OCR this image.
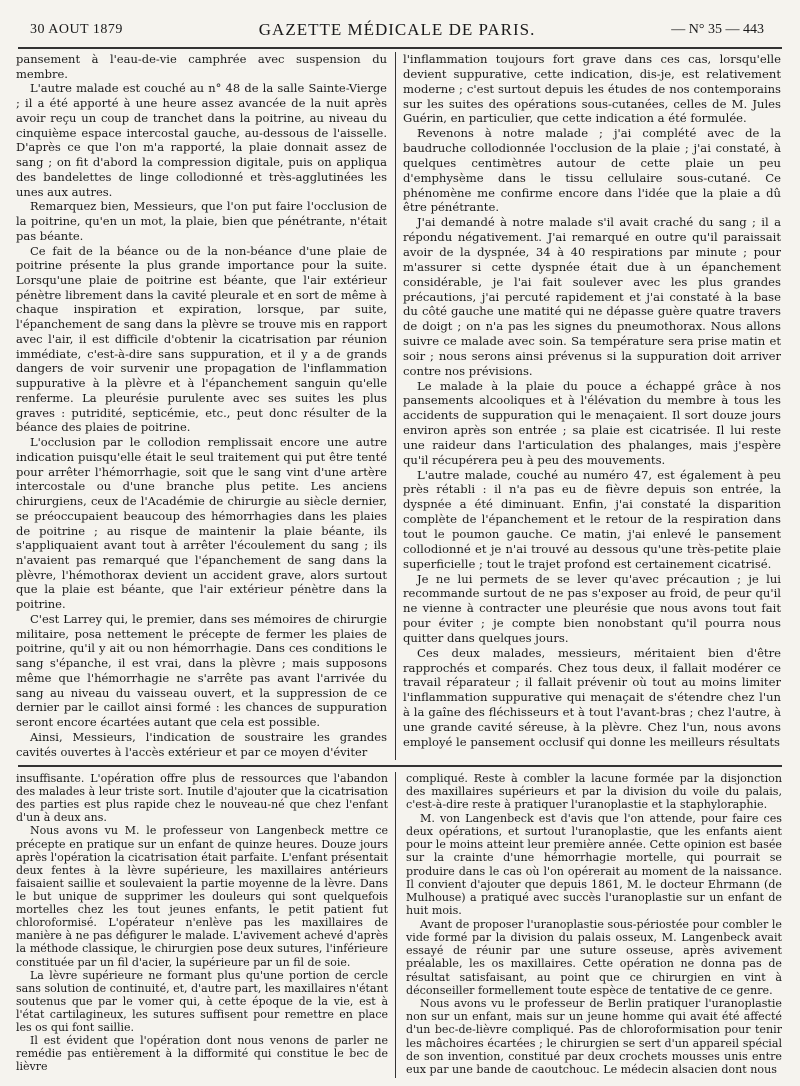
30 AOUT 1879	GAZETTE MÉDICALE DE PARIS.	— N° 35 — 443

pansement à l'eau-de-vie camphrée avec suspension du membre.

L'autre malade est couché au n° 48 de la salle Sainte-Vierge ; il a été apporté à une heure assez avancée de la nuit après avoir reçu un coup de tranchet dans la poitrine, au niveau du cinquième espace intercostal gauche, au-dessous de l'aisselle. D'après ce que l'on m'a rapporté, la plaie donnait assez de sang ; on fit d'abord la compression digitale, puis on appliqua des bandelettes de linge collodionné et très-agglutinées les unes aux autres.

Remarquez bien, Messieurs, que l'on put faire l'occlusion de la poitrine, qu'en un mot, la plaie, bien que pénétrante, n'était pas béante.

Ce fait de la béance ou de la non-béance d'une plaie de poitrine présente la plus grande importance pour la suite. Lorsqu'une plaie de poitrine est béante, que l'air extérieur pénètre librement dans la cavité pleurale et en sort de même à chaque inspiration et expiration, lorsque, par suite, l'épanchement de sang dans la plèvre se trouve mis en rapport avec l'air, il est difficile d'obtenir la cicatrisation par réunion immédiate, c'est-à-dire sans suppuration, et il y a de grands dangers de voir survenir une propagation de l'inflammation suppurative à la plèvre et à l'épanchement sanguin qu'elle renferme. La pleurésie purulente avec ses suites les plus graves : putridité, septicémie, etc., peut donc résulter de la béance des plaies de poitrine.

L'occlusion par le collodion remplissait encore une autre indication puisqu'elle était le seul traitement qui put être tenté pour arrêter l'hémorrhagie, soit que le sang vint d'une artère intercostale ou d'une branche plus petite. Les anciens chirurgiens, ceux de l'Académie de chirurgie au siècle dernier, se préoccupaient beaucoup des hémorrhagies dans les plaies de poitrine ; au risque de maintenir la plaie béante, ils s'appliquaient avant tout à arrêter l'écoulement du sang ; ils n'avaient pas remarqué que l'épanchement de sang dans la plèvre, l'hémothorax devient un accident grave, alors surtout que la plaie est béante, que l'air extérieur pénètre dans la poitrine.

C'est Larrey qui, le premier, dans ses mémoires de chirurgie militaire, posa nettement le précepte de fermer les plaies de poitrine, qu'il y ait ou non hémorrhagie. Dans ces conditions le sang s'épanche, il est vrai, dans la plèvre ; mais supposons même que l'hémorrhagie ne s'arrête pas avant l'arrivée du sang au niveau du vaisseau ouvert, et la suppression de ce dernier par le caillot ainsi formé : les chances de suppuration seront encore écartées autant que cela est possible.

Ainsi, Messieurs, l'indication de soustraire les grandes cavités ouvertes à l'accès extérieur et par ce moyen d'éviter

l'inflammation toujours fort grave dans ces cas, lorsqu'elle devient suppurative, cette indication, dis-je, est relativement moderne ; c'est surtout depuis les études de nos contemporains sur les suites des opérations sous-cutanées, celles de M. Jules Guérin, en particulier, que cette indication a été formulée.

Revenons à notre malade ; j'ai complété avec de la baudruche collodionnée l'occlusion de la plaie ; j'ai constaté, à quelques centimètres autour de cette plaie un peu d'emphysème dans le tissu cellulaire sous-cutané. Ce phénomène me confirme encore dans l'idée que la plaie a dû être pénétrante.

J'ai demandé à notre malade s'il avait craché du sang ; il a répondu négativement. J'ai remarqué en outre qu'il paraissait avoir de la dyspnée, 34 à 40 respirations par minute ; pour m'assurer si cette dyspnée était due à un épanchement considérable, je l'ai fait soulever avec les plus grandes précautions, j'ai percuté rapidement et j'ai constaté à la base du côté gauche une matité qui ne dépasse guère quatre travers de doigt ; on n'a pas les signes du pneumothorax. Nous allons suivre ce malade avec soin. Sa température sera prise matin et soir ; nous serons ainsi prévenus si la suppuration doit arriver contre nos prévisions.

Le malade à la plaie du pouce a échappé grâce à nos pansements alcooliques et à l'élévation du membre à tous les accidents de suppuration qui le menaçaient. Il sort douze jours environ après son entrée ; sa plaie est cicatrisée. Il lui reste une raideur dans l'articulation des phalanges, mais j'espère qu'il récupérera peu à peu des mouvements.

L'autre malade, couché au numéro 47, est également à peu près rétabli : il n'a pas eu de fièvre depuis son entrée, la dyspnée a été diminuant. Enfin, j'ai constaté la disparition complète de l'épanchement et le retour de la respiration dans tout le poumon gauche. Ce matin, j'ai enlevé le pansement collodionné et je n'ai trouvé au dessous qu'une très-petite plaie superficielle ; tout le trajet profond est certainement cicatrisé.

Je ne lui permets de se lever qu'avec précaution ; je lui recommande surtout de ne pas s'exposer au froid, de peur qu'il ne vienne à contracter une pleurésie que nous avons tout fait pour éviter ; je compte bien nonobstant qu'il pourra nous quitter dans quelques jours.

Ces deux malades, messieurs, méritaient bien d'être rapprochés et comparés. Chez tous deux, il fallait modérer ce travail réparateur ; il fallait prévenir où tout au moins limiter l'inflammation suppurative qui menaçait de s'étendre chez l'un à la gaîne des fléchisseurs et à tout l'avant-bras ; chez l'autre, à une grande cavité séreuse, à la plèvre. Chez l'un, nous avons employé le pansement occlusif qui donne les meilleurs résultats

insuffisante. L'opération offre plus de ressources que l'abandon des malades à leur triste sort. Inutile d'ajouter que la cicatrisation des parties est plus rapide chez le nouveau-né que chez l'enfant d'un à deux ans.

Nous avons vu M. le professeur von Langenbeck mettre ce précepte en pratique sur un enfant de quinze heures. Douze jours après l'opération la cicatrisation était parfaite. L'enfant présentait deux fentes à la lèvre supérieure, les maxillaires antérieurs faisaient saillie et soulevaient la partie moyenne de la lèvre. Dans le but unique de supprimer les douleurs qui sont quelquefois mortelles chez les tout jeunes enfants, le petit patient fut chloroformisé. L'opérateur n'enlève pas les maxillaires de manière à ne pas défigurer le malade. L'avivement achevé d'après la méthode classique, le chirurgien pose deux sutures, l'inférieure constituée par un fil d'acier, la supérieure par un fil de soie.

La lèvre supérieure ne formant plus qu'une portion de cercle sans solution de continuité, et, d'autre part, les maxillaires n'étant soutenus que par le vomer qui, à cette époque de la vie, est à l'état cartilagineux, les sutures suffisent pour remettre en place les os qui font saillie.

Il est évident que l'opération dont nous venons de parler ne remédie pas entièrement à la difformité qui constitue le bec de lièvre

compliqué. Reste à combler la lacune formée par la disjonction des maxillaires supérieurs et par la division du voile du palais, c'est-à-dire reste à pratiquer l'uranoplastie et la staphyloraphie.

M. von Langenbeck est d'avis que l'on attende, pour faire ces deux opérations, et surtout l'uranoplastie, que les enfants aient pour le moins atteint leur première année. Cette opinion est basée sur la crainte d'une hémorrhagie mortelle, qui pourrait se produire dans le cas où l'on opérerait au moment de la naissance. Il convient d'ajouter que depuis 1861, M. le docteur Ehrmann (de Mulhouse) a pratiqué avec succès l'uranoplastie sur un enfant de huit mois.

Avant de proposer l'uranoplastie sous-périostée pour combler le vide formé par la division du palais osseux, M. Langenbeck avait essayé de réunir par une suture osseuse, après avivement préalable, les os maxillaires. Cette opération ne donna pas de résultat satisfaisant, au point que ce chirurgien en vint à déconseiller formellement toute espèce de tentative de ce genre.

Nous avons vu le professeur de Berlin pratiquer l'uranoplastie non sur un enfant, mais sur un jeune homme qui avait été affecté d'un bec-de-lièvre compliqué. Pas de chloroformisation pour tenir les mâchoires écartées ; le chirurgien se sert d'un appareil spécial de son invention, constitué par deux crochets mousses unis entre eux par une bande de caoutchouc. Le médecin alsacien dont nous
